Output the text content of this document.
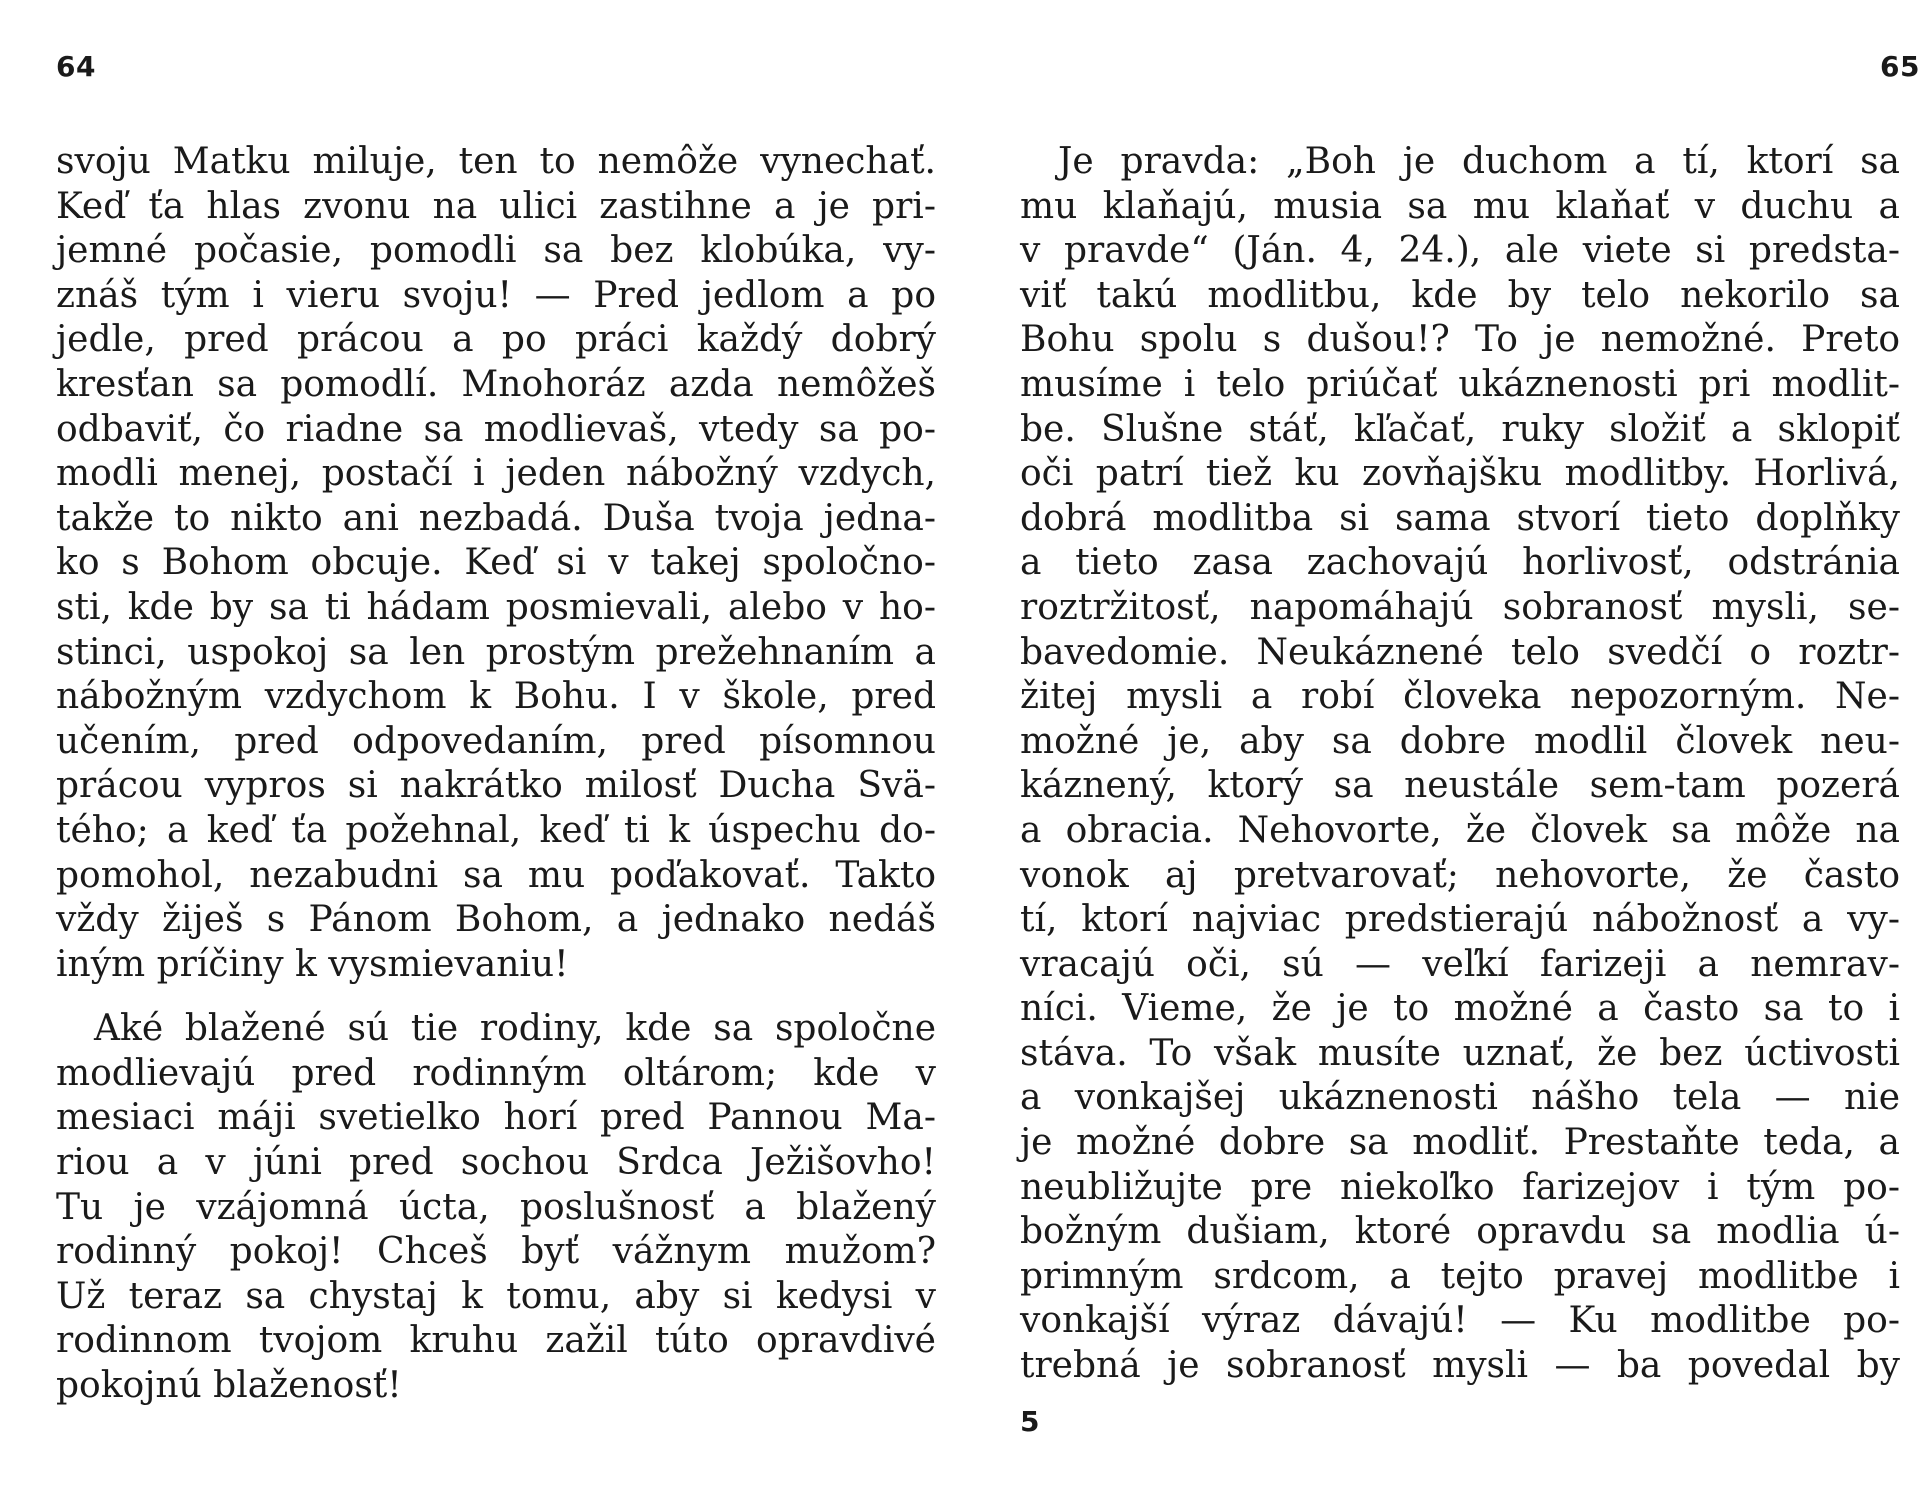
64
svoju Matku miluje, ten to nemôže vynechať.
Keď ťa hlas zvonu na ulici zastihne a je pri-
jemné počasie, pomodli sa bez klobúka, vy-
znáš tým i vieru svoju! — Pred jedlom a po
jedle, pred prácou a po práci každý dobrý
kresťan sa pomodlí. Mnohoráz azda nemôžeš
odbaviť, čo riadne sa modlievaš, vtedy sa po-
modli menej, postačí i jeden nábožný vzdych,
takže to nikto ani nezbadá. Duša tvoja jedna-
ko s Bohom obcuje. Keď si v takej spoločno-
sti, kde by sa ti hádam posmievali, alebo v ho-
stinci, uspokoj sa len prostým prežehnaním a
nábožným vzdychom k Bohu. I v škole, pred
učením, pred odpovedaním, pred písomnou
prácou vypros si nakrátko milosť Ducha Svä-
tého; a keď ťa požehnal, keď ti k úspechu do-
pomohol, nezabudni sa mu poďakovať. Takto
vždy žiješ s Pánom Bohom, a jednako nedáš
iným príčiny k vysmievaniu!
Aké blažené sú tie rodiny, kde sa spoločne
modlievajú pred rodinným oltárom; kde v
mesiaci máji svetielko horí pred Pannou Ma-
riou a v júni pred sochou Srdca Ježišovho!
Tu je vzájomná úcta, poslušnosť a blažený
rodinný pokoj! Chceš byť vážnym mužom?
Už teraz sa chystaj k tomu, aby si kedysi v
rodinnom tvojom kruhu zažil túto opravdivé
pokojnú blaženosť!
65
Je pravda: „Boh je duchom a tí, ktorí sa
mu klaňajú, musia sa mu klaňať v duchu a
v pravde“ (Ján. 4, 24.), ale viete si predsta-
viť takú modlitbu, kde by telo nekorilo sa
Bohu spolu s dušou!? To je nemožné. Preto
musíme i telo priúčať ukáznenosti pri modlit-
be. Slušne stáť, kľačať, ruky složiť a sklopiť
oči patrí tiež ku zovňajšku modlitby. Horlivá,
dobrá modlitba si sama stvorí tieto doplňky
a tieto zasa zachovajú horlivosť, odstránia
roztržitosť, napomáhajú sobranosť mysli, se-
bavedomie. Neukáznené telo svedčí o roztr-
žitej mysli a robí človeka nepozorným. Ne-
možné je, aby sa dobre modlil človek neu-
káznený, ktorý sa neustále sem-tam pozerá
a obracia. Nehovorte, že človek sa môže na
vonok aj pretvarovať; nehovorte, že často
tí, ktorí najviac predstierajú nábožnosť a vy-
vracajú oči, sú — veľkí farizeji a nemrav-
níci. Vieme, že je to možné a často sa to i
stáva. To však musíte uznať, že bez úctivosti
a vonkajšej ukáznenosti nášho tela — nie
je možné dobre sa modliť. Prestaňte teda, a
neubližujte pre niekoľko farizejov i tým po-
božným dušiam, ktoré opravdu sa modlia ú-
primným srdcom, a tejto pravej modlitbe i
vonkajší výraz dávajú! — Ku modlitbe po-
trebná je sobranosť mysli — ba povedal by
5
